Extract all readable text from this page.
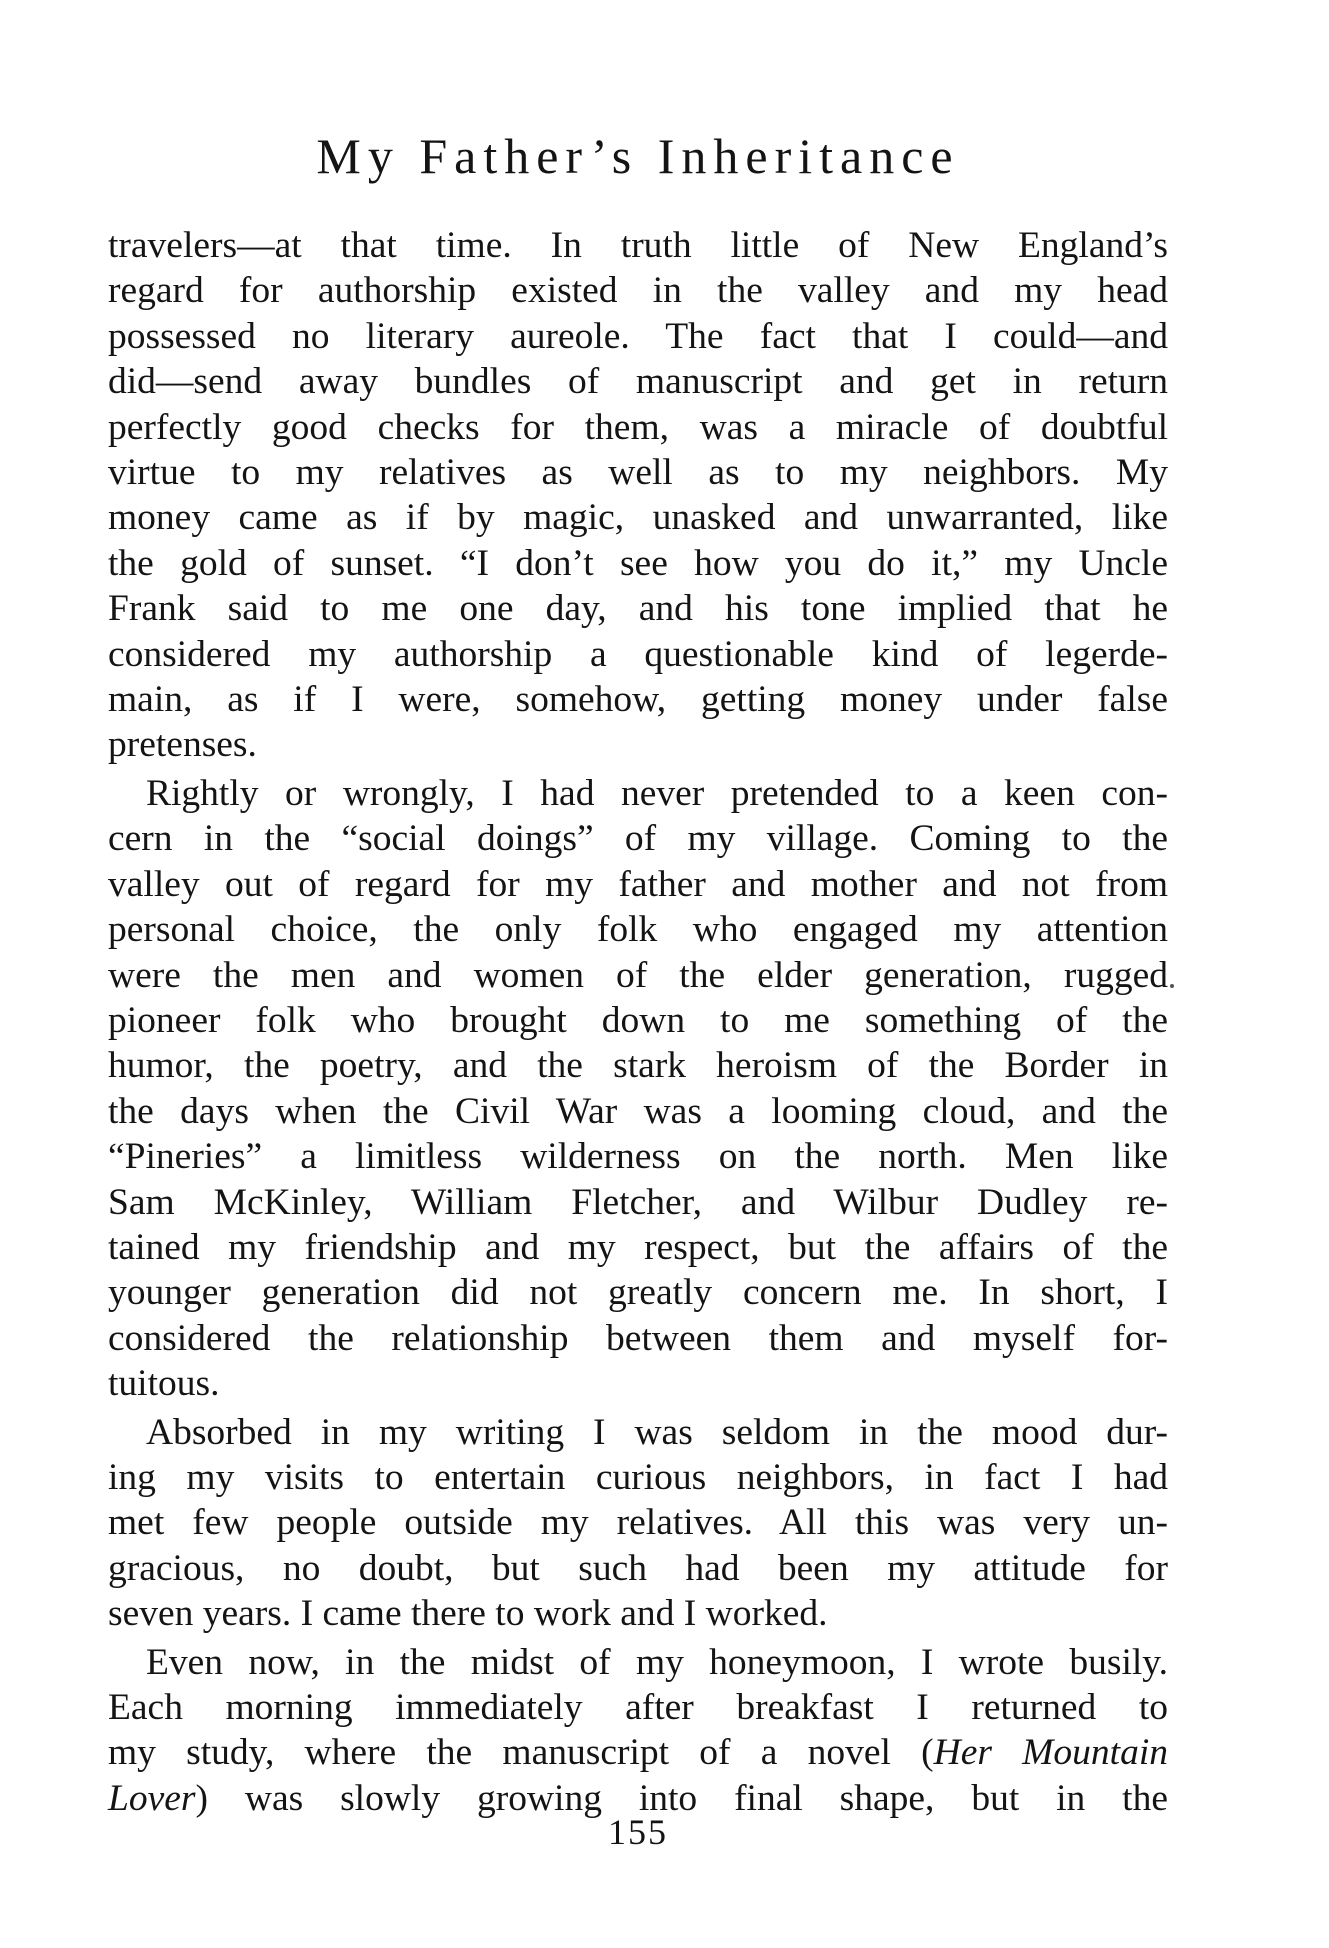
My Father’s Inheritance

travelers—at that time. In truth little of New England’s
regard for authorship existed in the valley and my head
possessed no literary aureole. The fact that I could—and
did—send away bundles of manuscript and get in return
perfectly good checks for them, was a miracle of doubtful
virtue to my relatives as well as to my neighbors. My
money came as if by magic, unasked and unwarranted, like
the gold of sunset. “I don’t see how you do it,” my Uncle
Frank said to me one day, and his tone implied that he
considered my authorship a questionable kind of legerde-
main, as if I were, somehow, getting money under false
pretenses.

Rightly or wrongly, I had never pretended to a keen con-
cern in the “social doings” of my village. Coming to the
valley out of regard for my father and mother and not from
personal choice, the only folk who engaged my attention
were the men and women of the elder generation, rugged
pioneer folk who brought down to me something of the
humor, the poetry, and the stark heroism of the Border in
the days when the Civil War was a looming cloud, and the
“Pineries” a limitless wilderness on the north. Men like
Sam McKinley, William Fletcher, and Wilbur Dudley re-
tained my friendship and my respect, but the affairs of the
younger generation did not greatly concern me. In short, I
considered the relationship between them and myself for-
tuitous.

Absorbed in my writing I was seldom in the mood dur-
ing my visits to entertain curious neighbors, in fact I had
met few people outside my relatives. All this was very un-
gracious, no doubt, but such had been my attitude for
seven years. I came there to work and I worked.

Even now, in the midst of my honeymoon, I wrote busily.
Each morning immediately after breakfast I returned to
my study, where the manuscript of a novel (Her Mountain
Lover) was slowly growing into final shape, but in the

155
